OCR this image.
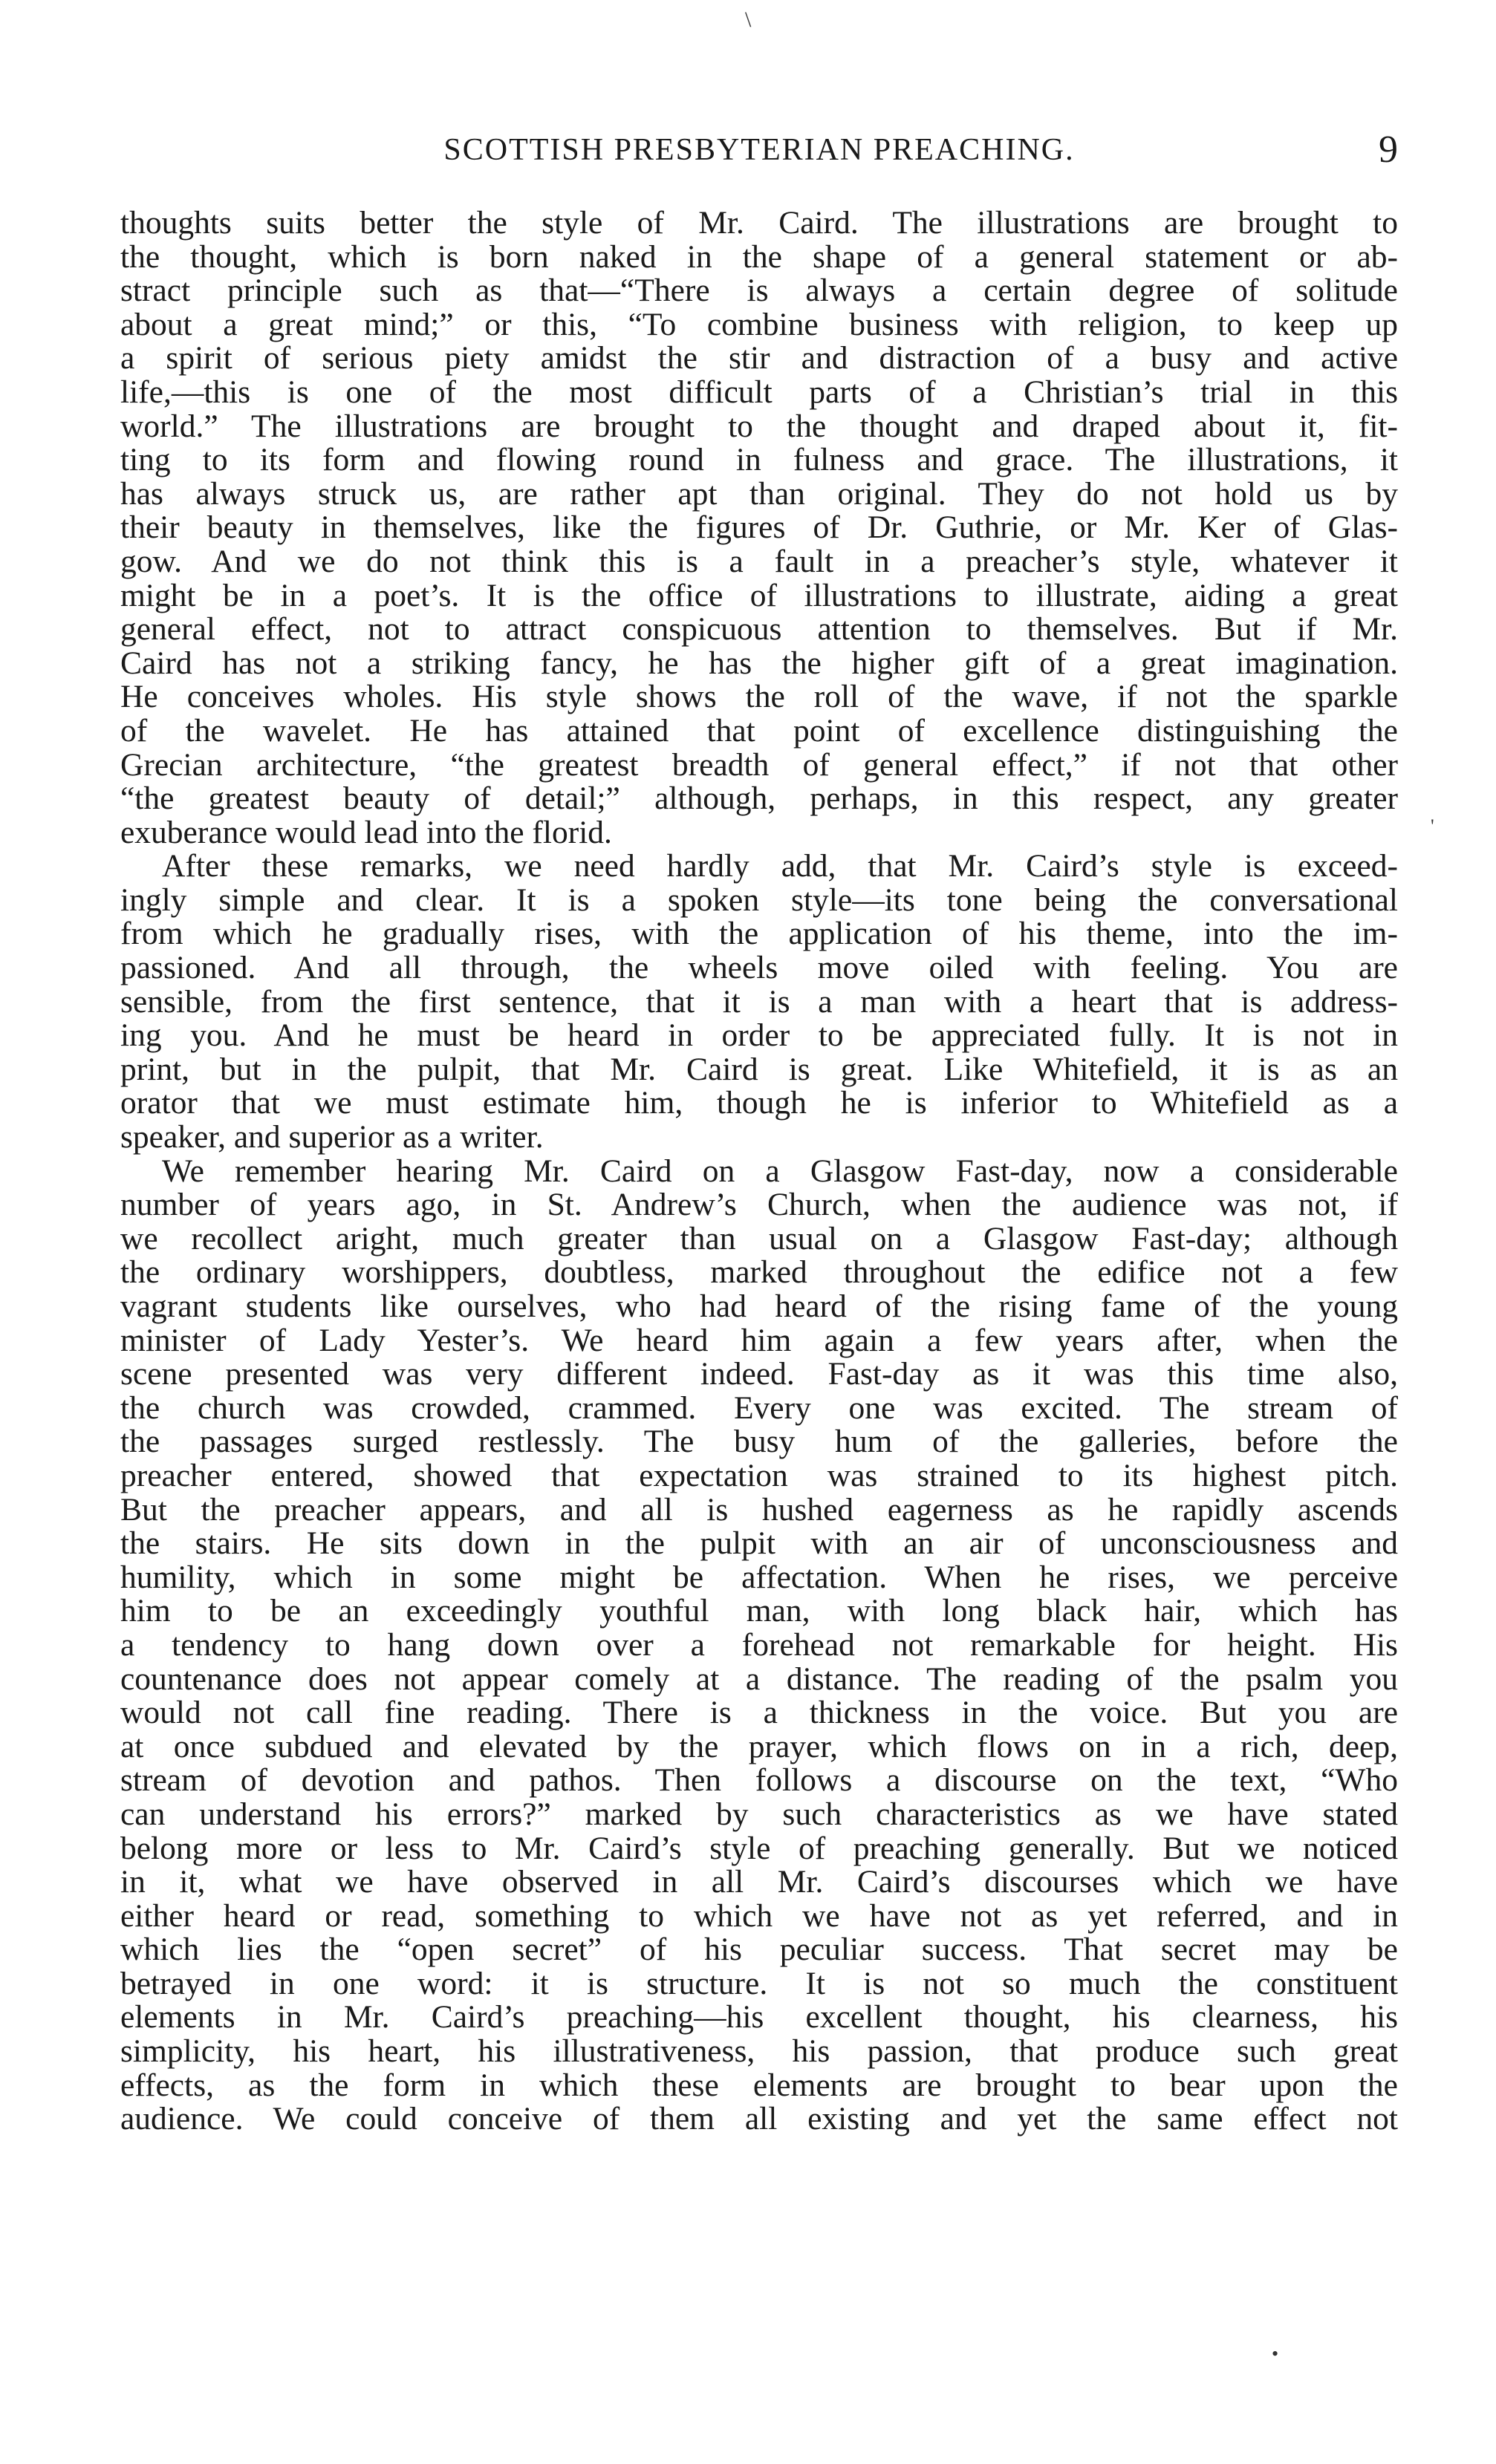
\
SCOTTISH PRESBYTERIAN PREACHING.	9
thoughts suits better the style of Mr. Caird. The illustrations are brought to
the thought, which is born naked in the shape of a general statement or ab-
stract principle such as that—“There is always a certain degree of solitude
about a great mind;” or this, “To combine business with religion, to keep up
a spirit of serious piety amidst the stir and distraction of a busy and active
life,—this is one of the most difficult parts of a Christian’s trial in this
world.” The illustrations are brought to the thought and draped about it, fit-
ting to its form and flowing round in fulness and grace. The illustrations, it
has always struck us, are rather apt than original. They do not hold us by
their beauty in themselves, like the figures of Dr. Guthrie, or Mr. Ker of Glas-
gow. And we do not think this is a fault in a preacher’s style, whatever it
might be in a poet’s. It is the office of illustrations to illustrate, aiding a great
general effect, not to attract conspicuous attention to themselves. But if Mr.
Caird has not a striking fancy, he has the higher gift of a great imagination.
He conceives wholes. His style shows the roll of the wave, if not the sparkle
of the wavelet. He has attained that point of excellence distinguishing the
Grecian architecture, “the greatest breadth of general effect,” if not that other
“the greatest beauty of detail;” although, perhaps, in this respect, any greater
exuberance would lead into the florid.
After these remarks, we need hardly add, that Mr. Caird’s style is exceed-
ingly simple and clear. It is a spoken style—its tone being the conversational
from which he gradually rises, with the application of his theme, into the im-
passioned. And all through, the wheels move oiled with feeling. You are
sensible, from the first sentence, that it is a man with a heart that is address-
ing you. And he must be heard in order to be appreciated fully. It is not in
print, but in the pulpit, that Mr. Caird is great. Like Whitefield, it is as an
orator that we must estimate him, though he is inferior to Whitefield as a
speaker, and superior as a writer.
We remember hearing Mr. Caird on a Glasgow Fast-day, now a considerable
number of years ago, in St. Andrew’s Church, when the audience was not, if
we recollect aright, much greater than usual on a Glasgow Fast-day; although
the ordinary worshippers, doubtless, marked throughout the edifice not a few
vagrant students like ourselves, who had heard of the rising fame of the young
minister of Lady Yester’s. We heard him again a few years after, when the
scene presented was very different indeed. Fast-day as it was this time also,
the church was crowded, crammed. Every one was excited. The stream of
the passages surged restlessly. The busy hum of the galleries, before the
preacher entered, showed that expectation was strained to its highest pitch.
But the preacher appears, and all is hushed eagerness as he rapidly ascends
the stairs. He sits down in the pulpit with an air of unconsciousness and
humility, which in some might be affectation. When he rises, we perceive
him to be an exceedingly youthful man, with long black hair, which has
a tendency to hang down over a forehead not remarkable for height. His
countenance does not appear comely at a distance. The reading of the psalm you
would not call fine reading. There is a thickness in the voice. But you are
at once subdued and elevated by the prayer, which flows on in a rich, deep,
stream of devotion and pathos. Then follows a discourse on the text, “Who
can understand his errors?” marked by such characteristics as we have stated
belong more or less to Mr. Caird’s style of preaching generally. But we noticed
in it, what we have observed in all Mr. Caird’s discourses which we have
either heard or read, something to which we have not as yet referred, and in
which lies the “open secret” of his peculiar success. That secret may be
betrayed in one word: it is structure. It is not so much the constituent
elements in Mr. Caird’s preaching—his excellent thought, his clearness, his
simplicity, his heart, his illustrativeness, his passion, that produce such great
effects, as the form in which these elements are brought to bear upon the
audience. We could conceive of them all existing and yet the same effect not
'
•
